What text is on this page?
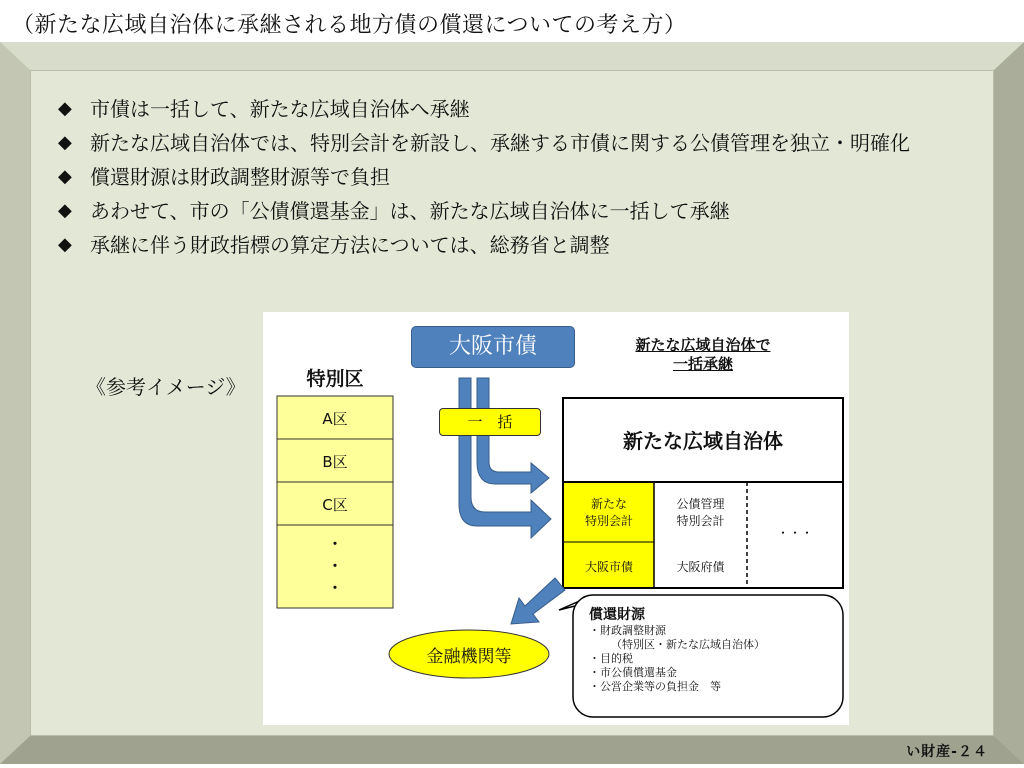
（新たな広域自治体に承継される地方債の償還についての考え方）
◆ 市債は一括して、新たな広域自治体へ承継
◆ 新たな広域自治体では、特別会計を新設し、承継する市債に関する公債管理を独立・明確化
◆ 償還財源は財政調整財源等で負担
◆ あわせて、市の「公債償還基金」は、新たな広域自治体に一括して承継
◆ 承継に伴う財政指標の算定方法については、総務省と調整
《参考イメージ》
大阪市債
一　括
特別区
A区
B区
C区
・
・
・
新たな広域自治体で
一括承継
新たな広域自治体
新たな
特別会計
大阪市債
公債管理
特別会計
大阪府債
・・・
金融機関等
償還財源
・財政調整財源
（特別区・新たな広域自治体）
・目的税
・市公債償還基金
・公営企業等の負担金　等
い財産-２４
